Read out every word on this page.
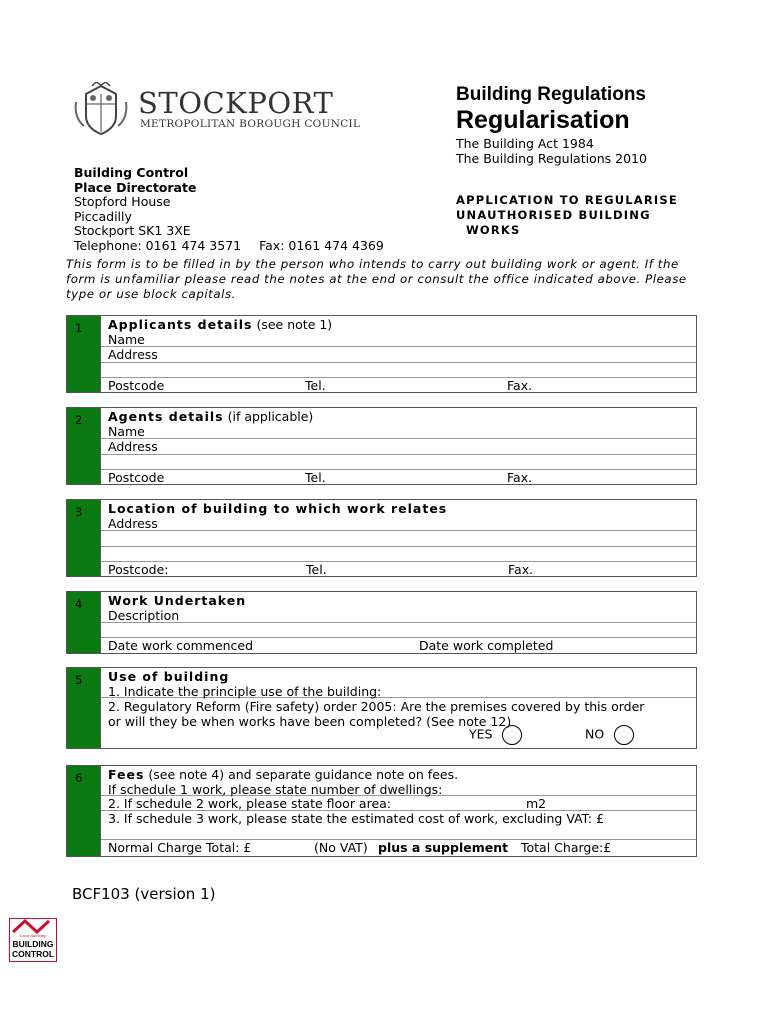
STOCKPORT
METROPOLITAN BOROUGH COUNCIL
Building Regulations
Regularisation
The Building Act 1984
The Building Regulations 2010
Building Control
Place Directorate
Stopford House
Piccadilly
Stockport SK1 3XE
Telephone: 0161 474 3571 Fax: 0161 474 4369
APPLICATION TO REGULARISE
UNAUTHORISED BUILDING
WORKS
This form is to be filled in by the person who intends to carry out building work or agent. If the form is unfamiliar please read the notes at the end or consult the office indicated above. Please type or use block capitals.
1	Applicants details (see note 1)
Name
Address
Postcode	Tel.	Fax.
2	Agents details (if applicable)
Name
Address
Postcode	Tel.	Fax.
3	Location of building to which work relates
Address
Postcode:	Tel.	Fax.
4	Work Undertaken
Description
Date work commenced	Date work completed
5	Use of building
1. Indicate the principle use of the building:
2. Regulatory Reform (Fire safety) order 2005: Are the premises covered by this order
or will they be when works have been completed? (See note 12)
YES	NO
6	Fees (see note 4) and separate guidance note on fees.
If schedule 1 work, please state number of dwellings:
2. If schedule 2 work, please state floor area:	m2
3. If schedule 3 work, please state the estimated cost of work, excluding VAT: £
Normal Charge Total: £	(No VAT) plus a supplement Total Charge:£
BCF103 (version 1)
Local Authority
BUILDING
CONTROL
